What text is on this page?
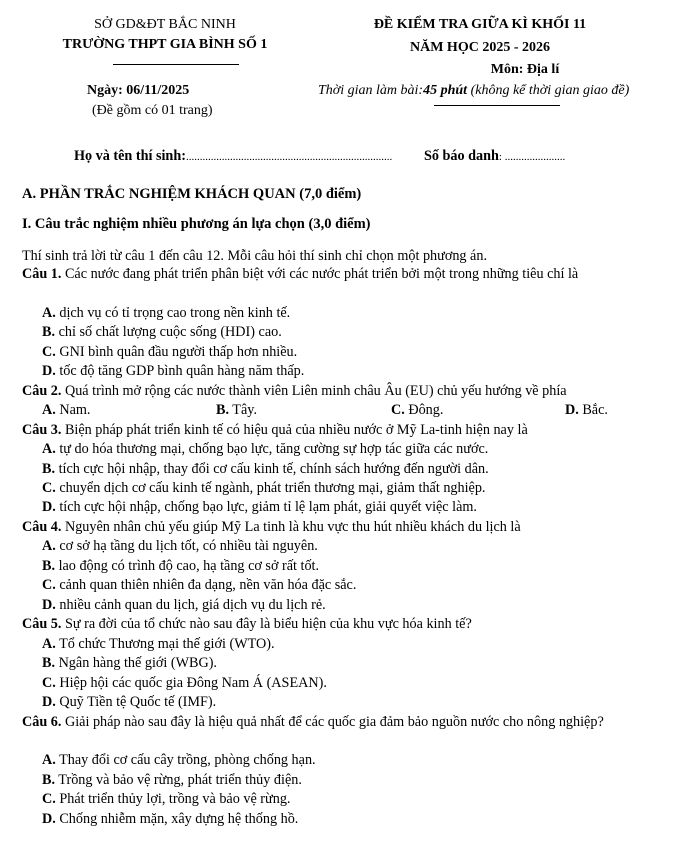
SỞ GD&ĐT BẮC NINH
TRƯỜNG THPT GIA BÌNH SỐ 1
Ngày: 06/11/2025
(Đề gồm có 01 trang)
ĐỀ KIỂM TRA GIỮA KÌ KHỐI 11
NĂM HỌC 2025 - 2026
Môn: Địa lí
Thời gian làm bài:45 phút (không kể thời gian giao đề)
Họ và tên thí sinh:........................................................................... Số báo danh: ......................
A. PHẦN TRẮC NGHIỆM KHÁCH QUAN (7,0 điểm)
I. Câu trắc nghiệm nhiều phương án lựa chọn (3,0 điểm)
Thí sinh trả lời từ câu 1 đến câu 12. Mỗi câu hỏi thí sinh chỉ chọn một phương án.
Câu 1. Các nước đang phát triển phân biệt với các nước phát triển bởi một trong những tiêu chí là
A. dịch vụ có tỉ trọng cao trong nền kinh tế.
B. chỉ số chất lượng cuộc sống (HDI) cao.
C. GNI bình quân đầu người thấp hơn nhiều.
D. tốc độ tăng GDP bình quân hàng năm thấp.
Câu 2. Quá trình mở rộng các nước thành viên Liên minh châu Âu (EU) chủ yếu hướng về phía
A. Nam.	B. Tây.	C. Đông.	D. Bắc.
Câu 3. Biện pháp phát triển kinh tế có hiệu quả của nhiều nước ở Mỹ La-tinh hiện nay là
A. tự do hóa thương mại, chống bạo lực, tăng cường sự hợp tác giữa các nước.
B. tích cực hội nhập, thay đổi cơ cấu kinh tế, chính sách hướng đến người dân.
C. chuyển dịch cơ cấu kinh tế ngành, phát triển thương mại, giảm thất nghiệp.
D. tích cực hội nhập, chống bạo lực, giảm tỉ lệ lạm phát, giải quyết việc làm.
Câu 4. Nguyên nhân chủ yếu giúp Mỹ La tinh là khu vực thu hút nhiều khách du lịch là
A. cơ sở hạ tầng du lịch tốt, có nhiều tài nguyên.
B. lao động có trình độ cao, hạ tầng cơ sở rất tốt.
C. cảnh quan thiên nhiên đa dạng, nền văn hóa đặc sắc.
D. nhiều cảnh quan du lịch, giá dịch vụ du lịch rẻ.
Câu 5. Sự ra đời của tổ chức nào sau đây là biểu hiện của khu vực hóa kinh tế?
A. Tổ chức Thương mại thế giới (WTO).
B. Ngân hàng thế giới (WBG).
C. Hiệp hội các quốc gia Đông Nam Á (ASEAN).
D. Quỹ Tiền tệ Quốc tế (IMF).
Câu 6. Giải pháp nào sau đây là hiệu quả nhất để các quốc gia đảm bảo nguồn nước cho nông nghiệp?
A. Thay đổi cơ cấu cây trồng, phòng chống hạn.
B. Trồng và bảo vệ rừng, phát triển thủy điện.
C. Phát triển thủy lợi, trồng và bảo vệ rừng.
D. Chống nhiễm mặn, xây dựng hệ thống hồ.
